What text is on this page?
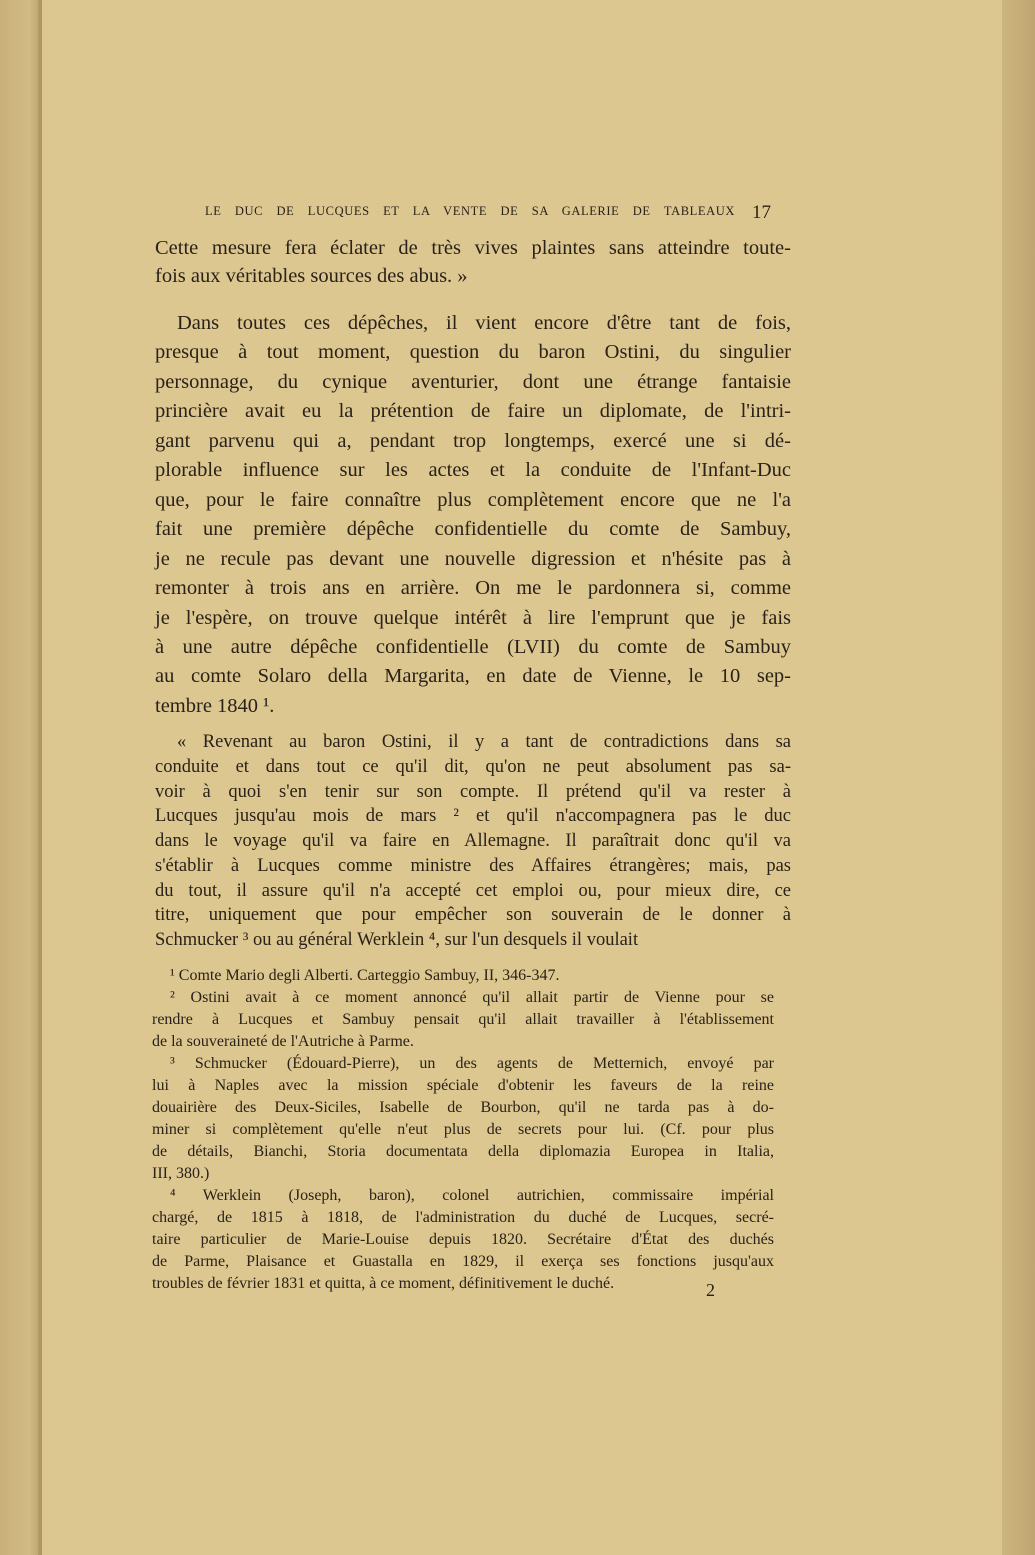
LE DUC DE LUCQUES ET LA VENTE DE SA GALERIE DE TABLEAUX 17
Cette mesure fera éclater de très vives plaintes sans atteindre toute-
fois aux véritables sources des abus. »
Dans toutes ces dépêches, il vient encore d'être tant de fois,
presque à tout moment, question du baron Ostini, du singulier
personnage, du cynique aventurier, dont une étrange fantaisie
princière avait eu la prétention de faire un diplomate, de l'intri-
gant parvenu qui a, pendant trop longtemps, exercé une si dé-
plorable influence sur les actes et la conduite de l'Infant-Duc
que, pour le faire connaître plus complètement encore que ne l'a
fait une première dépêche confidentielle du comte de Sambuy,
je ne recule pas devant une nouvelle digression et n'hésite pas à
remonter à trois ans en arrière. On me le pardonnera si, comme
je l'espère, on trouve quelque intérêt à lire l'emprunt que je fais
à une autre dépêche confidentielle (LVII) du comte de Sambuy
au comte Solaro della Margarita, en date de Vienne, le 10 sep-
tembre 1840 ¹.
« Revenant au baron Ostini, il y a tant de contradictions dans sa
conduite et dans tout ce qu'il dit, qu'on ne peut absolument pas sa-
voir à quoi s'en tenir sur son compte. Il prétend qu'il va rester à
Lucques jusqu'au mois de mars ² et qu'il n'accompagnera pas le duc
dans le voyage qu'il va faire en Allemagne. Il paraîtrait donc qu'il va
s'établir à Lucques comme ministre des Affaires étrangères; mais, pas
du tout, il assure qu'il n'a accepté cet emploi ou, pour mieux dire, ce
titre, uniquement que pour empêcher son souverain de le donner à
Schmucker ³ ou au général Werklein ⁴, sur l'un desquels il voulait
¹ Comte Mario degli Alberti. Carteggio Sambuy, II, 346-347.
² Ostini avait à ce moment annoncé qu'il allait partir de Vienne pour se
rendre à Lucques et Sambuy pensait qu'il allait travailler à l'établissement
de la souveraineté de l'Autriche à Parme.
³ Schmucker (Édouard-Pierre), un des agents de Metternich, envoyé par
lui à Naples avec la mission spéciale d'obtenir les faveurs de la reine
douairière des Deux-Siciles, Isabelle de Bourbon, qu'il ne tarda pas à do-
miner si complètement qu'elle n'eut plus de secrets pour lui. (Cf. pour plus
de détails, Bianchi, Storia documentata della diplomazia Europea in Italia,
III, 380.)
⁴ Werklein (Joseph, baron), colonel autrichien, commissaire impérial
chargé, de 1815 à 1818, de l'administration du duché de Lucques, secré-
taire particulier de Marie-Louise depuis 1820. Secrétaire d'État des duchés
de Parme, Plaisance et Guastalla en 1829, il exerça ses fonctions jusqu'aux
troubles de février 1831 et quitta, à ce moment, définitivement le duché.	2
